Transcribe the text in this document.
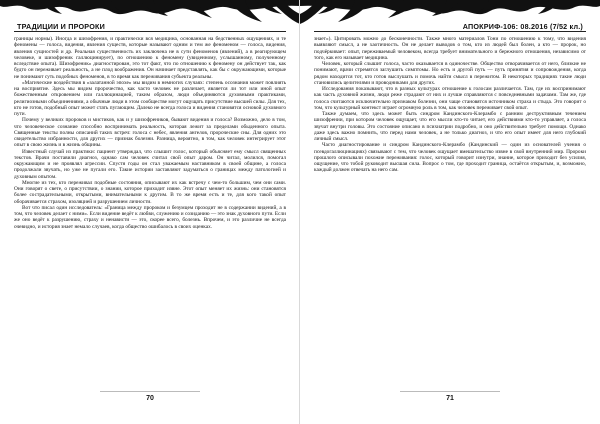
ТРАДИЦИИ И ПРОРОКИ

границы нормы). Иногда и шизофрения, и практически вся медицина, основанная на бедственных ощущениях, и те феномены — голоса, видения, явления существ, которые называют одним и тем же феноменом — голоса, видения, явления сущностей и др. Реальная существенность их заключена не в сути феноменов (явлений), а в реагирующем человеке, и шизофреник галлюцинирует), по отношению к феномену (увиденному, услышанному, полученному вследствие опыта). Шизофреник» диагностирован, это тот факт, что по отношению к феномену он действует так, как будто он переживает реальность, а не плод воображения. Он начинает представлять, как бы с окружающими, которые не понимают суть подобных феноменов, в то время как переживания субъекта реальны.

«Магические воздействия в «залатанной эпохе» мы видим в немногих случаях: степень осознания может повлиять на восприятие. Здесь мы видим пророчество, как часто человек не различает, является ли тот или иной опыт божественным откровением или галлюцинацией, таким образом, люди объединяются духовными практиками, религиозными объединениями, а обычные люди в этом сообществе могут ощущать присутствие высшей силы. Для тех, кто не готов, подобный опыт может стать пугающим. Далеко не всегда голоса и видения становятся основой духовного пути.

Почему у великих пророков и мистиков, как и у шизофреников, бывают видения и голоса? Возможно, дело в том, что человеческое сознание способно воспринимать реальность, которая лежит за пределами обыденного опыта. Священные тексты полны описаний таких встреч: голоса с небес, явления ангелов, пророческие сны. Для одних это свидетельство избранности, для других — признак болезни. Разница, вероятно, в том, как человек интегрирует этот опыт в свою жизнь и в жизнь общины.

Известный случай из практики: пациент утверждал, что слышит голос, который объясняет ему смысл священных текстов. Врачи поставили диагноз, однако сам человек считал свой опыт даром. Он читал, молился, помогал окружающим и не проявлял агрессии. Спустя годы он стал уважаемым наставником в своей общине, а голоса продолжали звучать, но уже не пугали его. Такие истории заставляют задуматься о границах между патологией и духовным опытом.

Многие из тех, кто переживал подобные состояния, описывают их как встречу с чем-то большим, чем они сами. Они говорят о свете, о присутствии, о знании, которое приходит извне. Этот опыт меняет их жизнь: они становятся более сострадательными, открытыми, внимательными к другим. В то же время есть и те, для кого такой опыт оборачивается страхом, изоляцией и разрушением личности.

Вот что писал один исследователь: «Граница между пророком и безумцем проходит не в содержании видений, а в том, что человек делает с ними». Если видение ведёт к любви, служению и созиданию — это знак духовного пути. Если же оно ведёт к разрушению, страху и ненависти — это, скорее всего, болезнь. Впрочем, и это различие не всегда очевидно, и история знает немало случаев, когда общество ошибалось в своих оценках.

70
АПОКРИФ-106: 08.2016 (7/52 кл.)

знает»). Цитировать можно до бесконечности. Также много материалов Тони по отношению к тому, что видения выявляют смысл, а не хаотичность. Он не делает выводов о том, кто из людей был болен, а кто — пророк, но подчёркивает: опыт, переживаемый человеком, всегда требует внимательного и бережного отношения, независимо от того, как его называет медицина.

Человек, который слышит голоса, часто оказывается в одиночестве. Общество отворачивается от него, близкие не понимают, врачи стремятся заглушить симптомы. Но есть и другой путь — путь принятия и сопровождения, когда рядом находится тот, кто готов выслушать и помочь найти смысл в пережитом. В некоторых традициях такие люди становились целителями и проводниками для других.

Исследования показывают, что в разных культурах отношение к голосам различается. Там, где их воспринимают как часть духовной жизни, люди реже страдают от них и лучше справляются с повседневными задачами. Там же, где голоса считаются исключительно признаком болезни, они чаще становятся источником страха и стыда. Это говорит о том, что культурный контекст играет огромную роль в том, как человек переживает свой опыт.

Также думаем, что здесь может быть синдром Кандинского-Клерамбо с ранним деструктивным течением шизофрении, при котором человек ощущает, что его мысли кто-то читает, его действиями кто-то управляет, а голоса звучат внутри головы. Это состояние описано в психиатрии подробно, и оно действительно требует помощи. Однако даже здесь важно помнить, что перед нами человек, а не только диагноз, и что его опыт имеет для него глубокий личный смысл.

Часто диагностирование и синдром Кандинского-Клерамбо (Кандинский — один из основателей учения о псевдогаллюцинациях) связывают с тем, что человек ощущает вмешательство извне в свой внутренний мир. Пророки прошлого описывали похожие переживания: голос, который говорит изнутри, знание, которое приходит без усилия, ощущение, что тобой руководит высшая сила. Вопрос о том, где проходит граница, остаётся открытым, и, возможно, каждый должен отвечать на него сам.

71
